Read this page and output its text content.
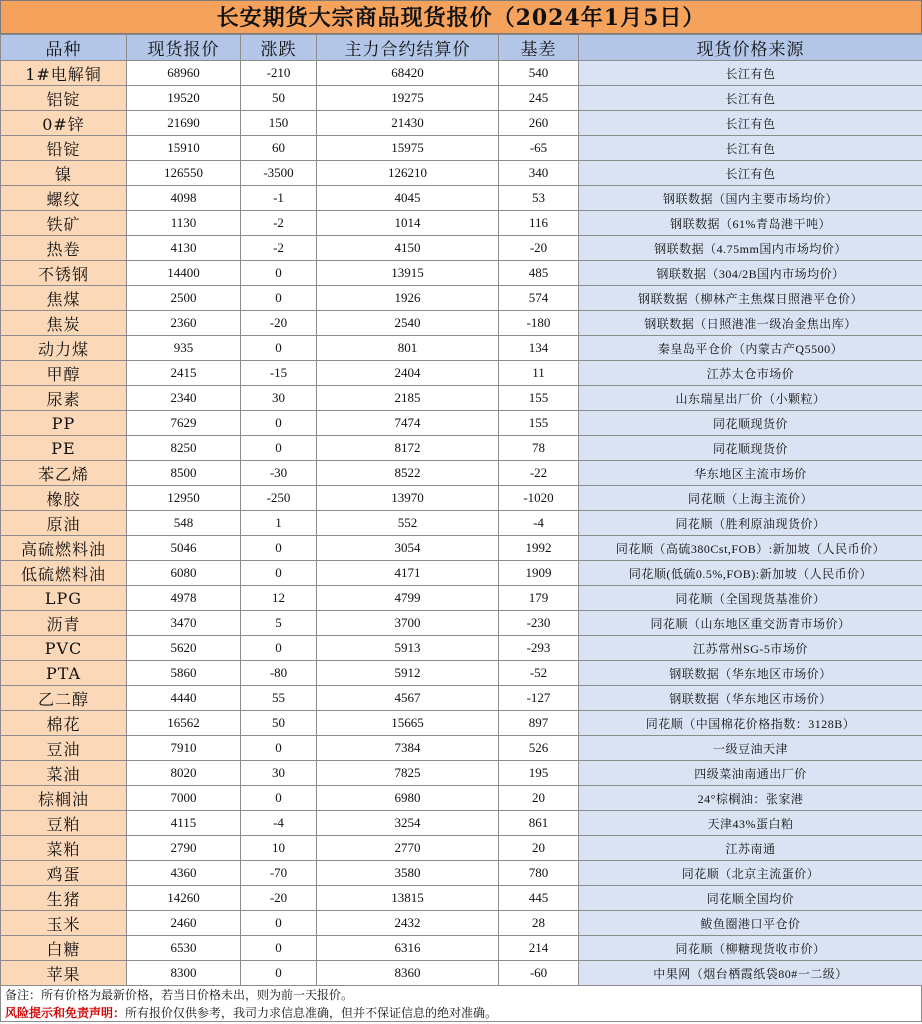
长安期货大宗商品现货报价（2024年1月5日）
品种	现货报价	涨跌	主力合约结算价	基差	现货价格来源
1#电解铜	68960	-210	68420	540	长江有色
铝锭	19520	50	19275	245	长江有色
0#锌	21690	150	21430	260	长江有色
铅锭	15910	60	15975	-65	长江有色
镍	126550	-3500	126210	340	长江有色
螺纹	4098	-1	4045	53	钢联数据（国内主要市场均价）
铁矿	1130	-2	1014	116	钢联数据（61%青岛港干吨）
热卷	4130	-2	4150	-20	钢联数据（4.75mm国内市场均价）
不锈钢	14400	0	13915	485	钢联数据（304/2B国内市场均价）
焦煤	2500	0	1926	574	钢联数据（柳林产主焦煤日照港平仓价）
焦炭	2360	-20	2540	-180	钢联数据（日照港准一级冶金焦出库）
动力煤	935	0	801	134	秦皇岛平仓价（内蒙古产Q5500）
甲醇	2415	-15	2404	11	江苏太仓市场价
尿素	2340	30	2185	155	山东瑞星出厂价（小颗粒）
PP	7629	0	7474	155	同花顺现货价
PE	8250	0	8172	78	同花顺现货价
苯乙烯	8500	-30	8522	-22	华东地区主流市场价
橡胶	12950	-250	13970	-1020	同花顺（上海主流价）
原油	548	1	552	-4	同花顺（胜利原油现货价）
高硫燃料油	5046	0	3054	1992	同花顺（高硫380Cst,FOB）:新加坡（人民币价）
低硫燃料油	6080	0	4171	1909	同花顺(低硫0.5%,FOB):新加坡（人民币价）
LPG	4978	12	4799	179	同花顺（全国现货基准价）
沥青	3470	5	3700	-230	同花顺（山东地区重交沥青市场价）
PVC	5620	0	5913	-293	江苏常州SG-5市场价
PTA	5860	-80	5912	-52	钢联数据（华东地区市场价）
乙二醇	4440	55	4567	-127	钢联数据（华东地区市场价）
棉花	16562	50	15665	897	同花顺（中国棉花价格指数：3128B）
豆油	7910	0	7384	526	一级豆油天津
菜油	8020	30	7825	195	四级菜油南通出厂价
棕榈油	7000	0	6980	20	24°棕榈油：张家港
豆粕	4115	-4	3254	861	天津43%蛋白粕
菜粕	2790	10	2770	20	江苏南通
鸡蛋	4360	-70	3580	780	同花顺（北京主流蛋价）
生猪	14260	-20	13815	445	同花顺全国均价
玉米	2460	0	2432	28	鲅鱼圈港口平仓价
白糖	6530	0	6316	214	同花顺（柳糖现货收市价）
苹果	8300	0	8360	-60	中果网（烟台栖霞纸袋80#一二级）
备注：所有价格为最新价格，若当日价格未出，则为前一天报价。
风险提示和免责声明：所有报价仅供参考，我司力求信息准确，但并不保证信息的绝对准确。
